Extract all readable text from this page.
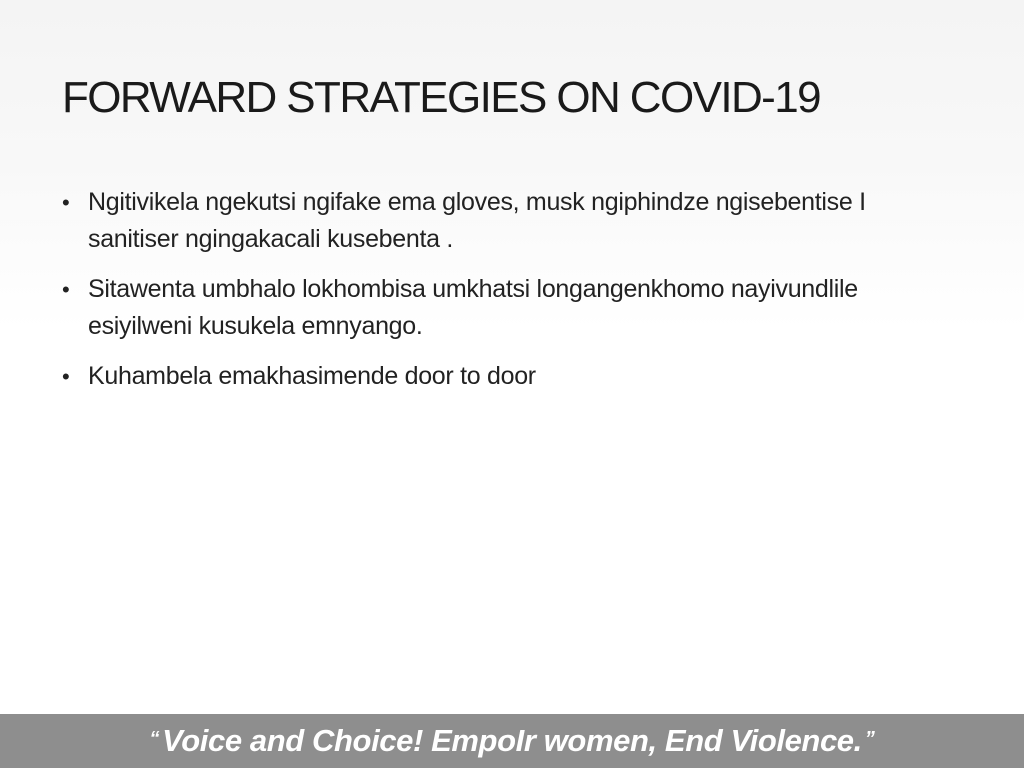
FORWARD STRATEGIES ON COVID-19
• Ngitivikela ngekutsi ngifake ema gloves, musk ngiphindze ngisebentise I sanitiser ngingakacali kusebenta .
• Sitawenta umbhalo lokhombisa umkhatsi longangenkhomo nayivundlile esiyilweni kusukela emnyango.
• Kuhambela emakhasimende door to door
“Voice and Choice! EmpoIr women, End Violence. ”
